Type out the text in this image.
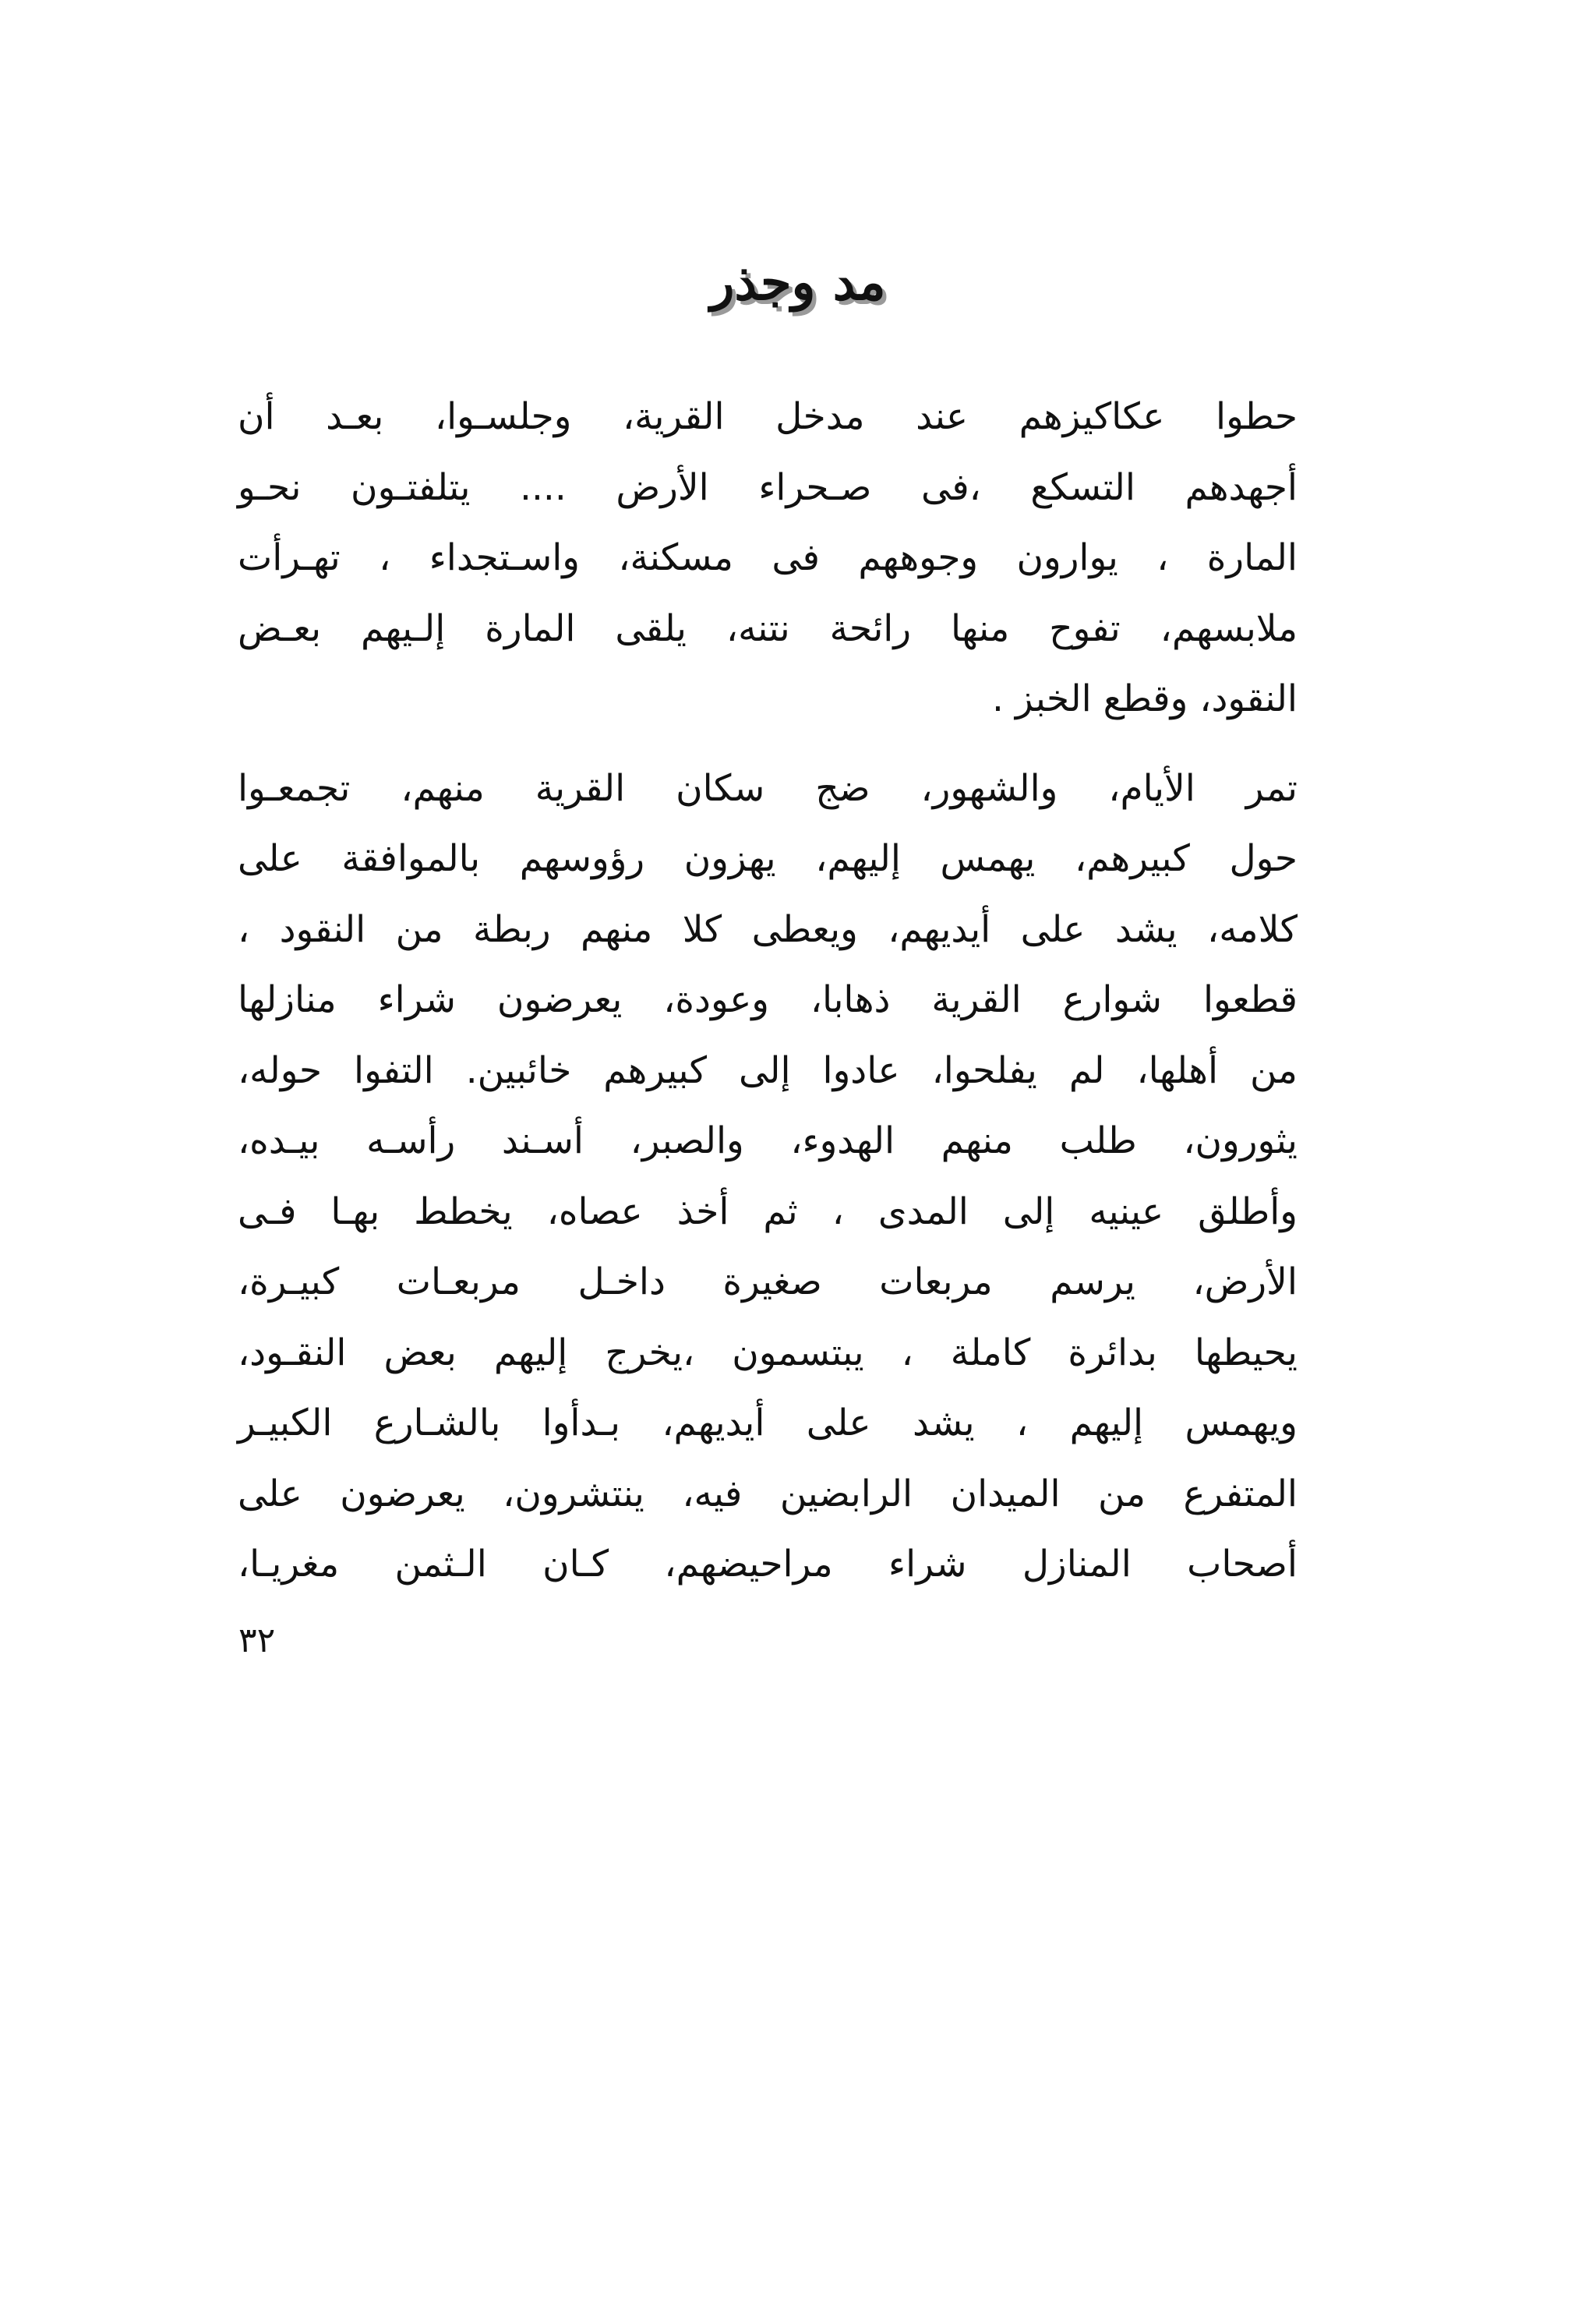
مد وجذر
حطوا عكاكيزهم عند مدخل القرية، وجلسـوا، بعـد أن
أجهدهم التسكع ،فى صـحراء الأرض .... يتلفتـون نحـو
المارة ، يوارون وجوههم فى مسكنة، واسـتجداء ، تهـرأت
ملابسهم، تفوح منها رائحة نتنه، يلقى المارة إلـيهم بعـض
النقود، وقطع الخبز .
تمر الأيام، والشهور، ضج سكان القرية منهم، تجمعـوا
حول كبيرهم، يهمس إليهم، يهزون رؤوسهم بالموافقة على
كلامه، يشد على أيديهم، ويعطى كلا منهم ربطة من النقود ،
قطعوا شوارع القرية ذهابا، وعودة، يعرضون شراء منازلها
من أهلها، لم يفلحوا، عادوا إلى كبيرهم خائبين. التفوا حوله،
يثورون، طلب منهم الهدوء، والصبر، أسـند رأسـه بيـده،
وأطلق عينيه إلى المدى ، ثم أخذ عصاه، يخطط بهـا فـى
الأرض، يرسم مربعات صغيرة داخـل مربعـات كبيـرة،
يحيطها بدائرة كاملة ، يبتسمون ،يخرج إليهم بعض النقـود،
ويهمس إليهم ، يشد على أيديهم، بـدأوا بالشـارع الكبيـر
المتفرع من الميدان الرابضين فيه، ينتشرون، يعرضون على
أصحاب المنازل شراء مراحيضهم، كـان الـثمن مغريـا،
٣٢
